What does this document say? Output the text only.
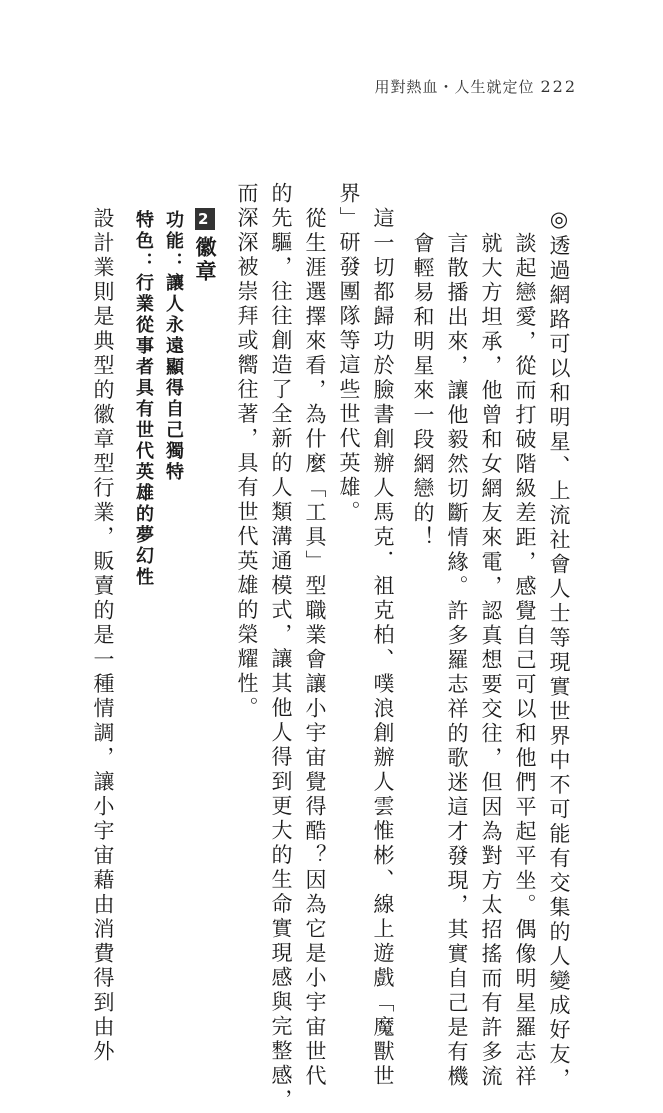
用對熱血・人生就定位 222
◎透過網路可以和明星、上流社會人士等現實世界中不可能有交集的人變成好友，
談起戀愛，從而打破階級差距，感覺自己可以和他們平起平坐。偶像明星羅志祥
就大方坦承，他曾和女網友來電，認真想要交往，但因為對方太招搖而有許多流
言散播出來，讓他毅然切斷情緣。許多羅志祥的歌迷這才發現，其實自己是有機
會輕易和明星來一段網戀的！
這一切都歸功於臉書創辦人馬克．祖克柏、噗浪創辦人雲惟彬、線上遊戲「魔獸世
界」研發團隊等這些世代英雄。
從生涯選擇來看，為什麼「工具」型職業會讓小宇宙覺得酷？因為它是小宇宙世代
的先驅，往往創造了全新的人類溝通模式，讓其他人得到更大的生命實現感與完整感，
而深深被崇拜或嚮往著，具有世代英雄的榮耀性。
2徽章
功能：讓人永遠顯得自己獨特
特色：行業從事者具有世代英雄的夢幻性
設計業則是典型的徽章型行業，販賣的是一種情調，讓小宇宙藉由消費得到由外
